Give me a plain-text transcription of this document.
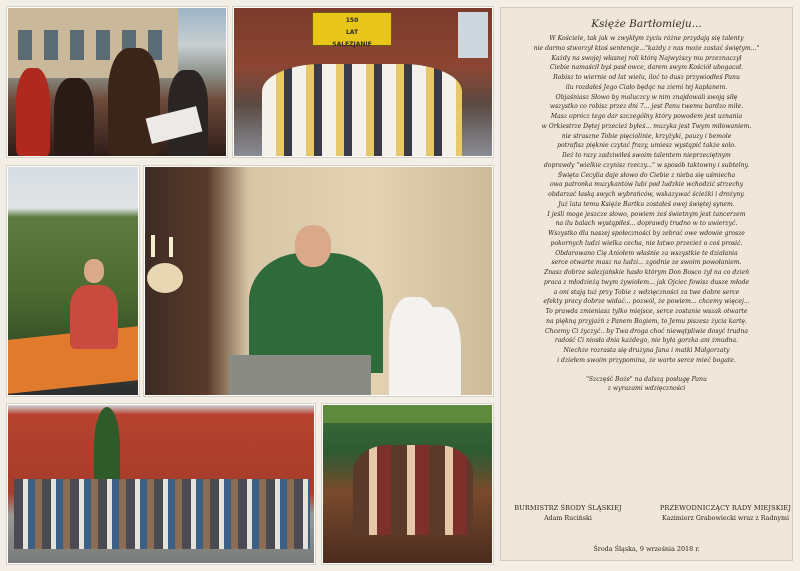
150
LAT
SALEZJANIE
Księże Bartłomieju...
W Kościele, tak jak w zwykłym życiu różne przydają się talenty
nie darmo stworzył ktoś sentencje..."każdy z nas może zostać świętym..."
Każdy na swojej własnej roli którą Najwyższy mu przeznaczył
Ciebie namaścił byś pasł owce, darem swym Kościół ubogacał.
Robisz to wiernie od lat wielu, iloć to dusz przywiodłeś Panu
ilu rozdałeś Jego Ciało będąc na ziemi tej kapłanem.
Objaśniasz Słowo by maluczcy w nim znajdowali swoją siłę
wszystko co robisz przez dni 7... jest Panu twemu bardzo miłe.
Masz oprócz tego dar szczególny który powodem jest uznania
w Orkiestrze Dętej przecież byłeś... muzyka jest Twym miłowaniem.
nie straszne Tobie pięciolinie, krzyżyki, pauzy i bemole
potrafisz pięknie czytać frazy, umiesz wystąpić także solo.
Ileż to razy zadziwiłeś swoim talentem nieprzeciętnym
doprawdy "wielkie czynisz rzeczy..." w sposób taktowny i subtelny.
Święta Cecylia daje słowo do Ciebie z nieba się uśmiecha
owa patronka muzykantów lubi pod ludzkie wchodzić strzechy
obdarzać łaską swych wybrańców, wskazywać ścieżki i drożyny.
Już lata temu Księże Bartku zostałeś owej świętej synem.
I jeśli moge jeszcze słowo, powiem żeś świetnym jest tancerzem
na ilu balach wystąpiłeś... doprawdy trudno w to uwierzyć.
Wszystko dla naszej społeczności by zebrać owe wdowie grosze
pokornych ludzi wielka cecha, nie łatwo przecież o coś prosić.
Obdarowano Cię Aniołem właśnie za wszystkie te działania
serce otwarte masz na ludzi... zgodnie ze swoim powołaniem.
Znasz dobrze salezjańskie hasło którym Don Bosco żył na co dzień
praca z młodzieżą twym żywiołem... jak Ojciec fowisz dusze młode
a oni stają tuż przy Tobie z wdzięczności za twe dobre serce
efekty pracy dobrze widać... pozwól, że powiem... chcemy więcej...
To prawda zmieniasz tylko miejsce, serce zostanie wszak otwarte
na piękną przyjaźń z Panem Bogiem, to Jemu piszesz życia kartę.
Chcemy Ci życzyć.. by Twa droga choć niewątpliwie dosyć trudna
radość Ci niosła dnia każdego, nie była gorzka ani żmudna.
Niechże rozrasta się drużyna Jana i matki Małgorzaty
i dziełem swoim przypomina, że warto serce mieć bogate.
"Szczęść Boże" na dalszą posługę Panu
z wyrazami wdzięczności
BURMISTRZ ŚRODY ŚLĄSKIEJ
Adam Ruciński
PRZEWODNICZĄCY RADY MIEJSKIEJ
Kazimierz Grabowiecki wraz z Radnymi
Środa Śląska, 9 września 2018 r.
